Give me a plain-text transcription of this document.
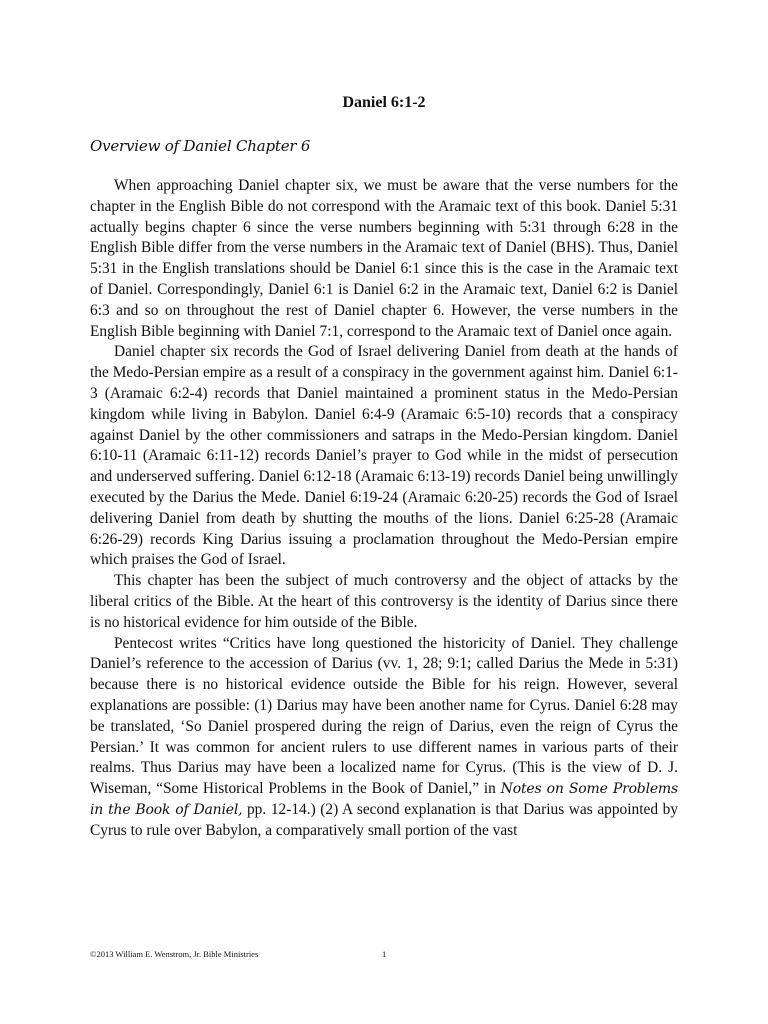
Daniel 6:1-2
Overview of Daniel Chapter 6

When approaching Daniel chapter six, we must be aware that the verse numbers for the chapter in the English Bible do not correspond with the Aramaic text of this book. Daniel 5:31 actually begins chapter 6 since the verse numbers beginning with 5:31 through 6:28 in the English Bible differ from the verse numbers in the Aramaic text of Daniel (BHS). Thus, Daniel 5:31 in the English translations should be Daniel 6:1 since this is the case in the Aramaic text of Daniel. Correspondingly, Daniel 6:1 is Daniel 6:2 in the Aramaic text, Daniel 6:2 is Daniel 6:3 and so on throughout the rest of Daniel chapter 6. However, the verse numbers in the English Bible beginning with Daniel 7:1, correspond to the Aramaic text of Daniel once again.

Daniel chapter six records the God of Israel delivering Daniel from death at the hands of the Medo-Persian empire as a result of a conspiracy in the government against him. Daniel 6:1-3 (Aramaic 6:2-4) records that Daniel maintained a prominent status in the Medo-Persian kingdom while living in Babylon. Daniel 6:4-9 (Aramaic 6:5-10) records that a conspiracy against Daniel by the other commissioners and satraps in the Medo-Persian kingdom. Daniel 6:10-11 (Aramaic 6:11-12) records Daniel’s prayer to God while in the midst of persecution and underserved suffering. Daniel 6:12-18 (Aramaic 6:13-19) records Daniel being unwillingly executed by the Darius the Mede. Daniel 6:19-24 (Aramaic 6:20-25) records the God of Israel delivering Daniel from death by shutting the mouths of the lions. Daniel 6:25-28 (Aramaic 6:26-29) records King Darius issuing a proclamation throughout the Medo-Persian empire which praises the God of Israel.

This chapter has been the subject of much controversy and the object of attacks by the liberal critics of the Bible. At the heart of this controversy is the identity of Darius since there is no historical evidence for him outside of the Bible.

Pentecost writes “Critics have long questioned the historicity of Daniel. They challenge Daniel’s reference to the accession of Darius (vv. 1, 28; 9:1; called Darius the Mede in 5:31) because there is no historical evidence outside the Bible for his reign. However, several explanations are possible: (1) Darius may have been another name for Cyrus. Daniel 6:28 may be translated, ‘So Daniel prospered during the reign of Darius, even the reign of Cyrus the Persian.’ It was common for ancient rulers to use different names in various parts of their realms. Thus Darius may have been a localized name for Cyrus. (This is the view of D. J. Wiseman, “Some Historical Problems in the Book of Daniel,” in Notes on Some Problems in the Book of Daniel, pp. 12-14.) (2) A second explanation is that Darius was appointed by Cyrus to rule over Babylon, a comparatively small portion of the vast

©2013 William E. Wenstrom, Jr. Bible Ministries	1
